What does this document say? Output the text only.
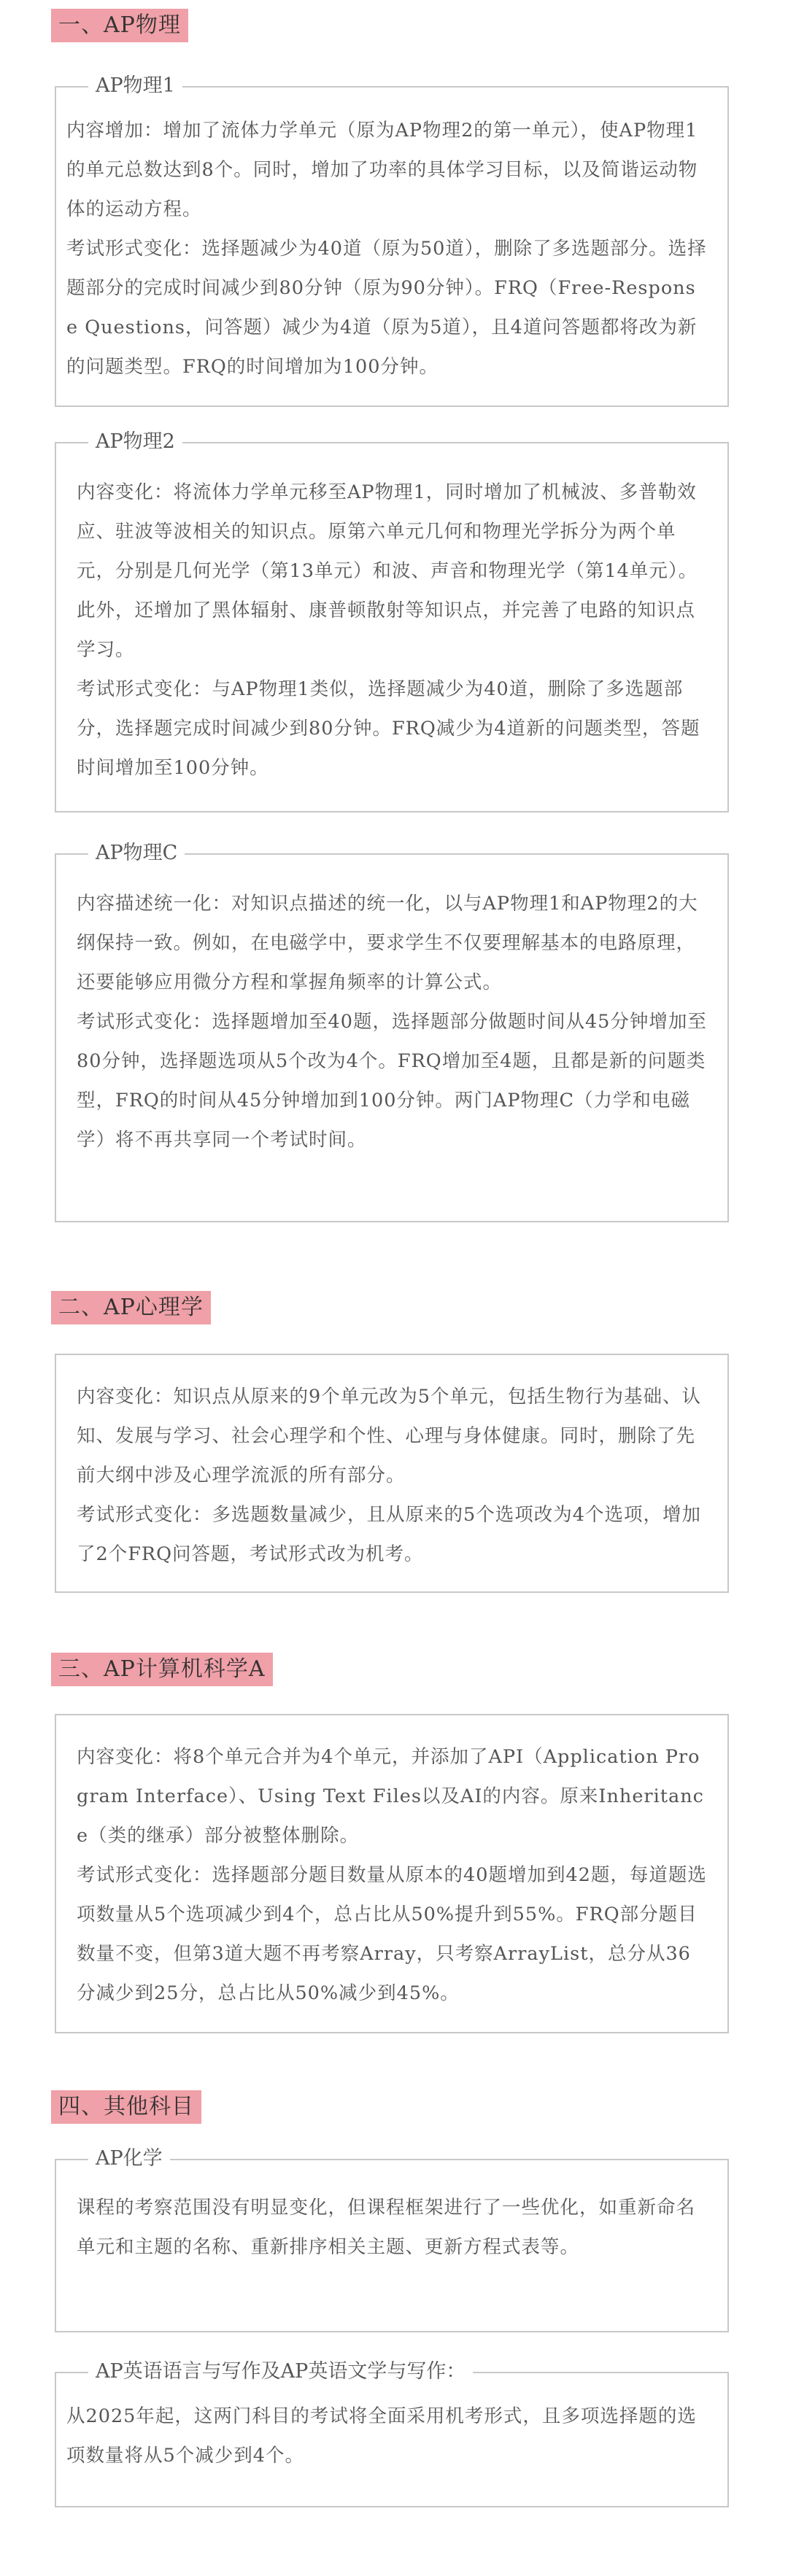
一、AP物理
AP物理1

内容增加：增加了流体力学单元（原为AP物理2的第一单元），使AP物理1的单元总数达到8个。同时，增加了功率的具体学习目标，以及简谐运动物体的运动方程。

考试形式变化：选择题减少为40道（原为50道），删除了多选题部分。选择题部分的完成时间减少到80分钟（原为90分钟）。FRQ（Free-Response Questions，问答题）减少为4道（原为5道），且4道问答题都将改为新的问题类型。FRQ的时间增加为100分钟。

AP物理2

内容变化：将流体力学单元移至AP物理1，同时增加了机械波、多普勒效应、驻波等波相关的知识点。原第六单元几何和物理光学拆分为两个单元，分别是几何光学（第13单元）和波、声音和物理光学（第14单元）。此外，还增加了黑体辐射、康普顿散射等知识点，并完善了电路的知识点学习。

考试形式变化：与AP物理1类似，选择题减少为40道，删除了多选题部分，选择题完成时间减少到80分钟。FRQ减少为4道新的问题类型，答题时间增加至100分钟。

AP物理C

内容描述统一化：对知识点描述的统一化，以与AP物理1和AP物理2的大纲保持一致。例如，在电磁学中，要求学生不仅要理解基本的电路原理，还要能够应用微分方程和掌握角频率的计算公式。

考试形式变化：选择题增加至40题，选择题部分做题时间从45分钟增加至80分钟，选择题选项从5个改为4个。FRQ增加至4题，且都是新的问题类型，FRQ的时间从45分钟增加到100分钟。两门AP物理C（力学和电磁学）将不再共享同一个考试时间。

二、AP心理学

内容变化：知识点从原来的9个单元改为5个单元，包括生物行为基础、认知、发展与学习、社会心理学和个性、心理与身体健康。同时，删除了先前大纲中涉及心理学流派的所有部分。

考试形式变化：多选题数量减少，且从原来的5个选项改为4个选项，增加了2个FRQ问答题，考试形式改为机考。

三、AP计算机科学A

内容变化：将8个单元合并为4个单元，并添加了API（Application Program Interface）、Using Text Files以及AI的内容。原来Inheritance（类的继承）部分被整体删除。

考试形式变化：选择题部分题目数量从原本的40题增加到42题，每道题选项数量从5个选项减少到4个，总占比从50%提升到55%。FRQ部分题目数量不变，但第3道大题不再考察Array，只考察ArrayList，总分从36分减少到25分，总占比从50%减少到45%。

四、其他科目
AP化学

课程的考察范围没有明显变化，但课程框架进行了一些优化，如重新命名单元和主题的名称、重新排序相关主题、更新方程式表等。

AP英语语言与写作及AP英语文学与写作：

从2025年起，这两门科目的考试将全面采用机考形式，且多项选择题的选项数量将从5个减少到4个。
